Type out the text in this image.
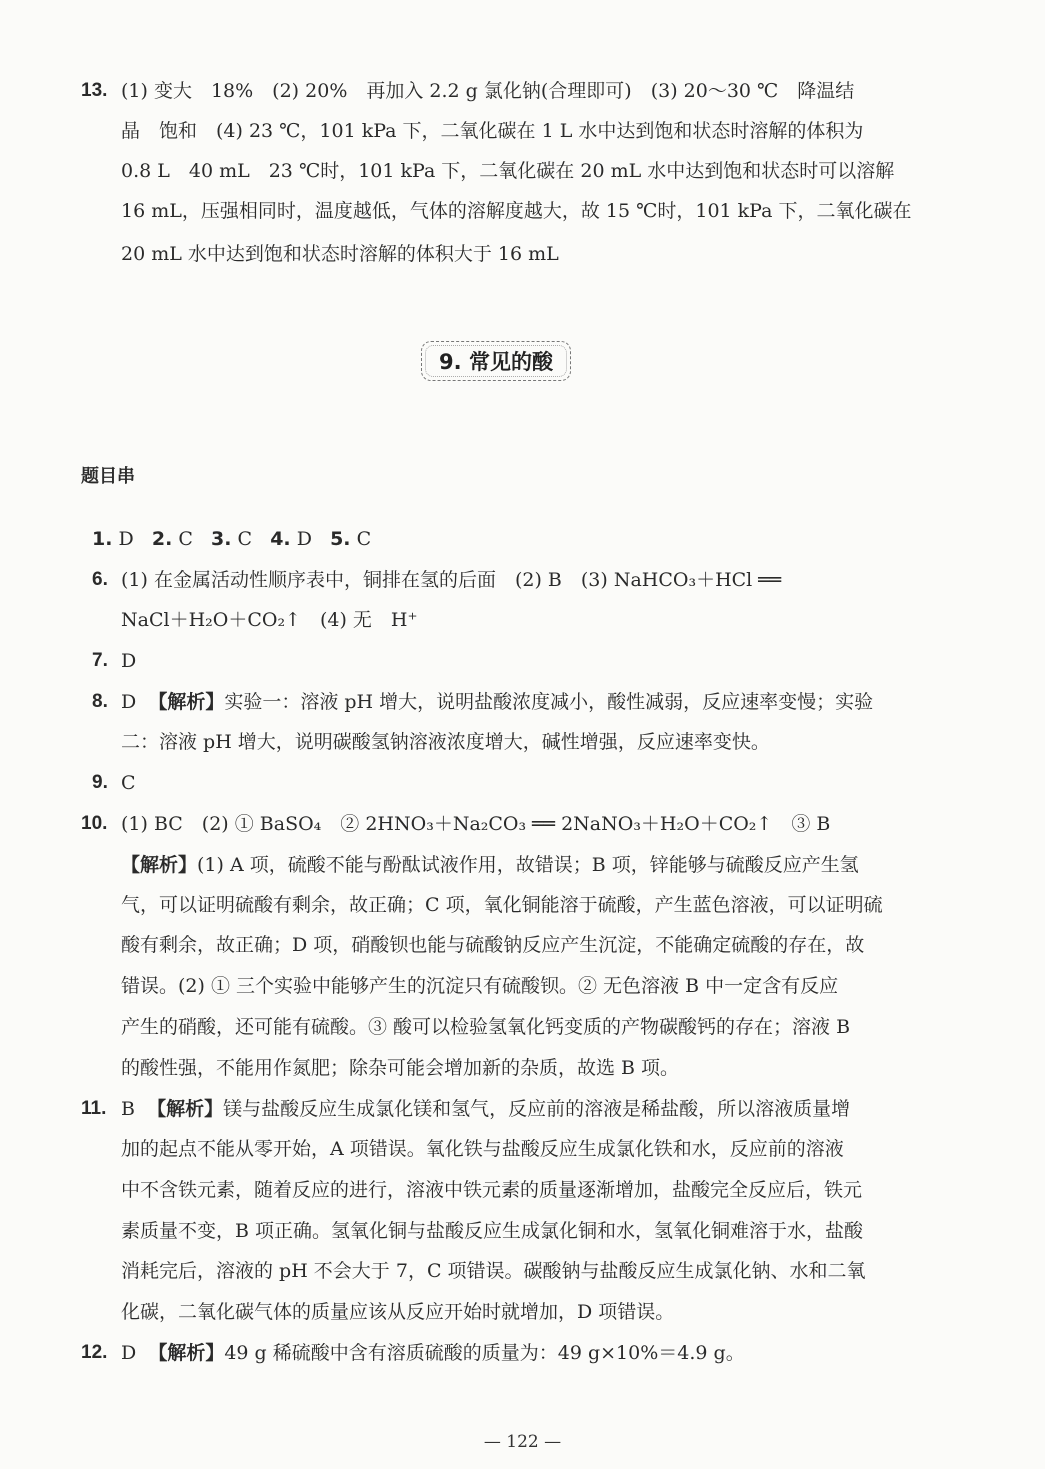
13. (1) 变大　18%　(2) 20%　再加入 2.2 g 氯化钠(合理即可)　(3) 20～30 ℃　降温结
晶　饱和　(4) 23 ℃，101 kPa 下，二氧化碳在 1 L 水中达到饱和状态时溶解的体积为
0.8 L　40 mL　23 ℃时，101 kPa 下，二氧化碳在 20 mL 水中达到饱和状态时可以溶解
16 mL，压强相同时，温度越低，气体的溶解度越大，故 15 ℃时，101 kPa 下，二氧化碳在
20 mL 水中达到饱和状态时溶解的体积大于 16 mL
9. 常见的酸
题目串
1. D 2. C 3. C 4. D 5. C
6. (1) 在金属活动性顺序表中，铜排在氢的后面　(2) B　(3) NaHCO₃＋HCl ══
NaCl＋H₂O＋CO₂↑　(4) 无　H⁺
7. D
8. D 【解析】实验一：溶液 pH 增大，说明盐酸浓度减小，酸性减弱，反应速率变慢；实验
二：溶液 pH 增大，说明碳酸氢钠溶液浓度增大，碱性增强，反应速率变快。
9. C
10. (1) BC　(2) ① BaSO₄　② 2HNO₃＋Na₂CO₃ ══ 2NaNO₃＋H₂O＋CO₂↑　③ B
【解析】(1) A 项，硫酸不能与酚酞试液作用，故错误；B 项，锌能够与硫酸反应产生氢
气，可以证明硫酸有剩余，故正确；C 项，氧化铜能溶于硫酸，产生蓝色溶液，可以证明硫
酸有剩余，故正确；D 项，硝酸钡也能与硫酸钠反应产生沉淀，不能确定硫酸的存在，故
错误。(2) ① 三个实验中能够产生的沉淀只有硫酸钡。② 无色溶液 B 中一定含有反应
产生的硝酸，还可能有硫酸。③ 酸可以检验氢氧化钙变质的产物碳酸钙的存在；溶液 B
的酸性强，不能用作氮肥；除杂可能会增加新的杂质，故选 B 项。
11. B 【解析】镁与盐酸反应生成氯化镁和氢气，反应前的溶液是稀盐酸，所以溶液质量增
加的起点不能从零开始，A 项错误。氧化铁与盐酸反应生成氯化铁和水，反应前的溶液
中不含铁元素，随着反应的进行，溶液中铁元素的质量逐渐增加，盐酸完全反应后，铁元
素质量不变，B 项正确。氢氧化铜与盐酸反应生成氯化铜和水，氢氧化铜难溶于水，盐酸
消耗完后，溶液的 pH 不会大于 7，C 项错误。碳酸钠与盐酸反应生成氯化钠、水和二氧
化碳，二氧化碳气体的质量应该从反应开始时就增加，D 项错误。
12. D 【解析】49 g 稀硫酸中含有溶质硫酸的质量为：49 g×10%＝4.9 g。
— 122 —
